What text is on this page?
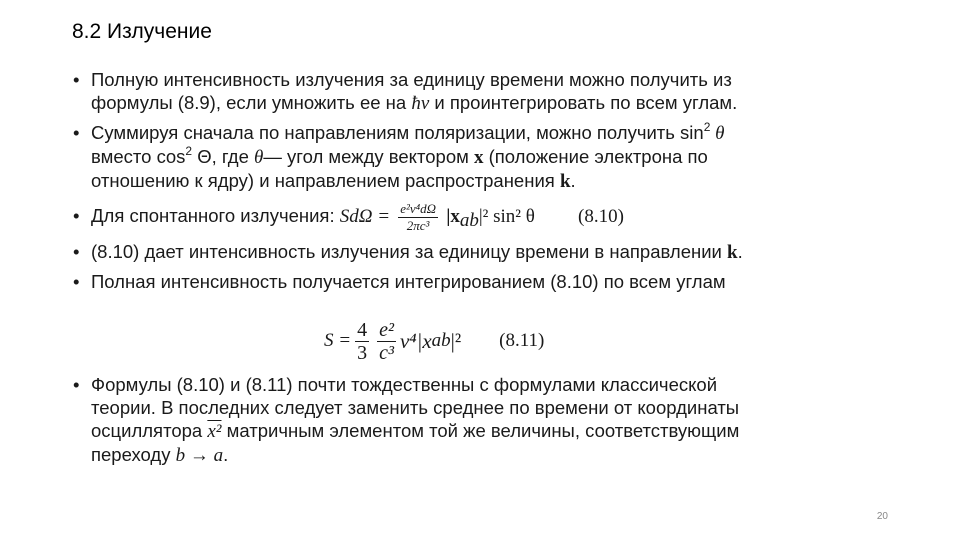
8.2 Излучение
• Полную интенсивность излучения за единицу времени можно получить из
формулы (8.9), если умножить ее на ħν и проинтегрировать по всем углам.
• Суммируя сначала по направлениям поляризации, можно получить $\sin^2 \theta$
вместо $\cos^2 \Theta$, где θ— угол между вектором x (положение электрона по
отношению к ядру) и направлением распространения k.
• Для спонтанного излучения: $Sd\Omega = \frac{\text{e²ν⁴dΩ}}{\text{2πc³}} |x_{ab}|^2$ sin² θ (8.10)
• (8.10) дает интенсивность излучения за единицу времени в направлении k.
• Полная интенсивность получается интегрированием (8.10) по всем углам
$S = \frac{4}{3} \frac{\text{e²}}{\text{c³}} \nu^4|x$ ab |² (8.11)
• Формулы (8.10) и (8.11) почти тождественны с формулами классической
теории. В последних следует заменить среднее по времени от координаты
осциллятора x² матричным элементом той же величины, соответствующим
переходу b → a.
20
